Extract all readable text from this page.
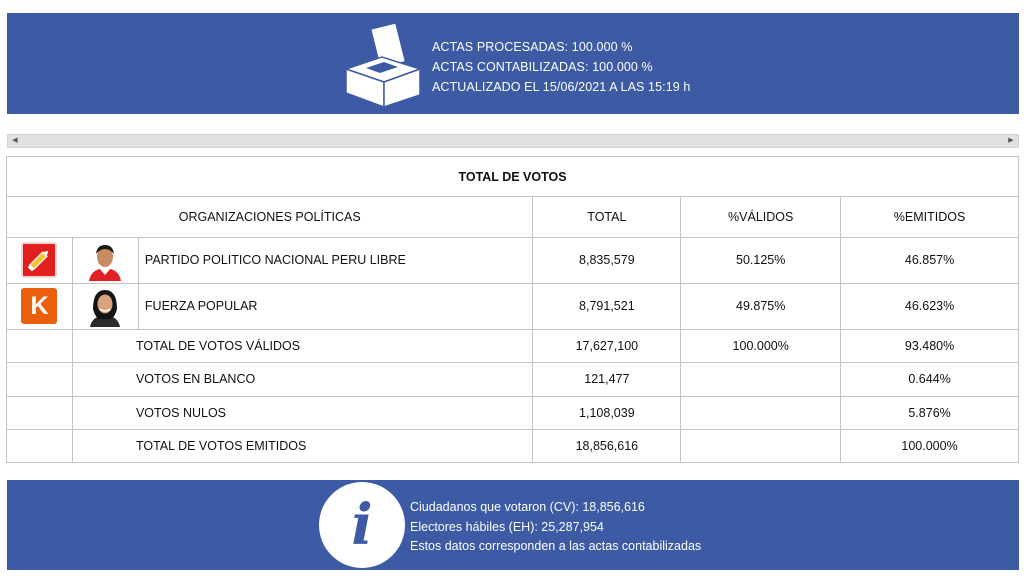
ACTAS PROCESADAS: 100.000 %
ACTAS CONTABILIZADAS: 100.000 %
ACTUALIZADO EL 15/06/2021 A LAS 15:19 h
◀	▶
TOTAL DE VOTOS					
ORGANIZACIONES POLÍTICAS			TOTAL	%VÁLIDOS	%EMITIDOS

		PARTIDO POLITICO NACIONAL PERU LIBRE	8,835,579	50.125%	46.857%

K		FUERZA POPULAR	8,791,521	49.875%	46.623%
	TOTAL DE VOTOS VÁLIDOS		17,627,100	100.000%	93.480%
	VOTOS EN BLANCO		121,477		0.644%
	VOTOS NULOS		1,108,039		5.876%
	TOTAL DE VOTOS EMITIDOS		18,856,616		100.000%
i	Ciudadanos que votaron (CV): 18,856,616
Electores hábiles (EH): 25,287,954
Estos datos corresponden a las actas contabilizadas
